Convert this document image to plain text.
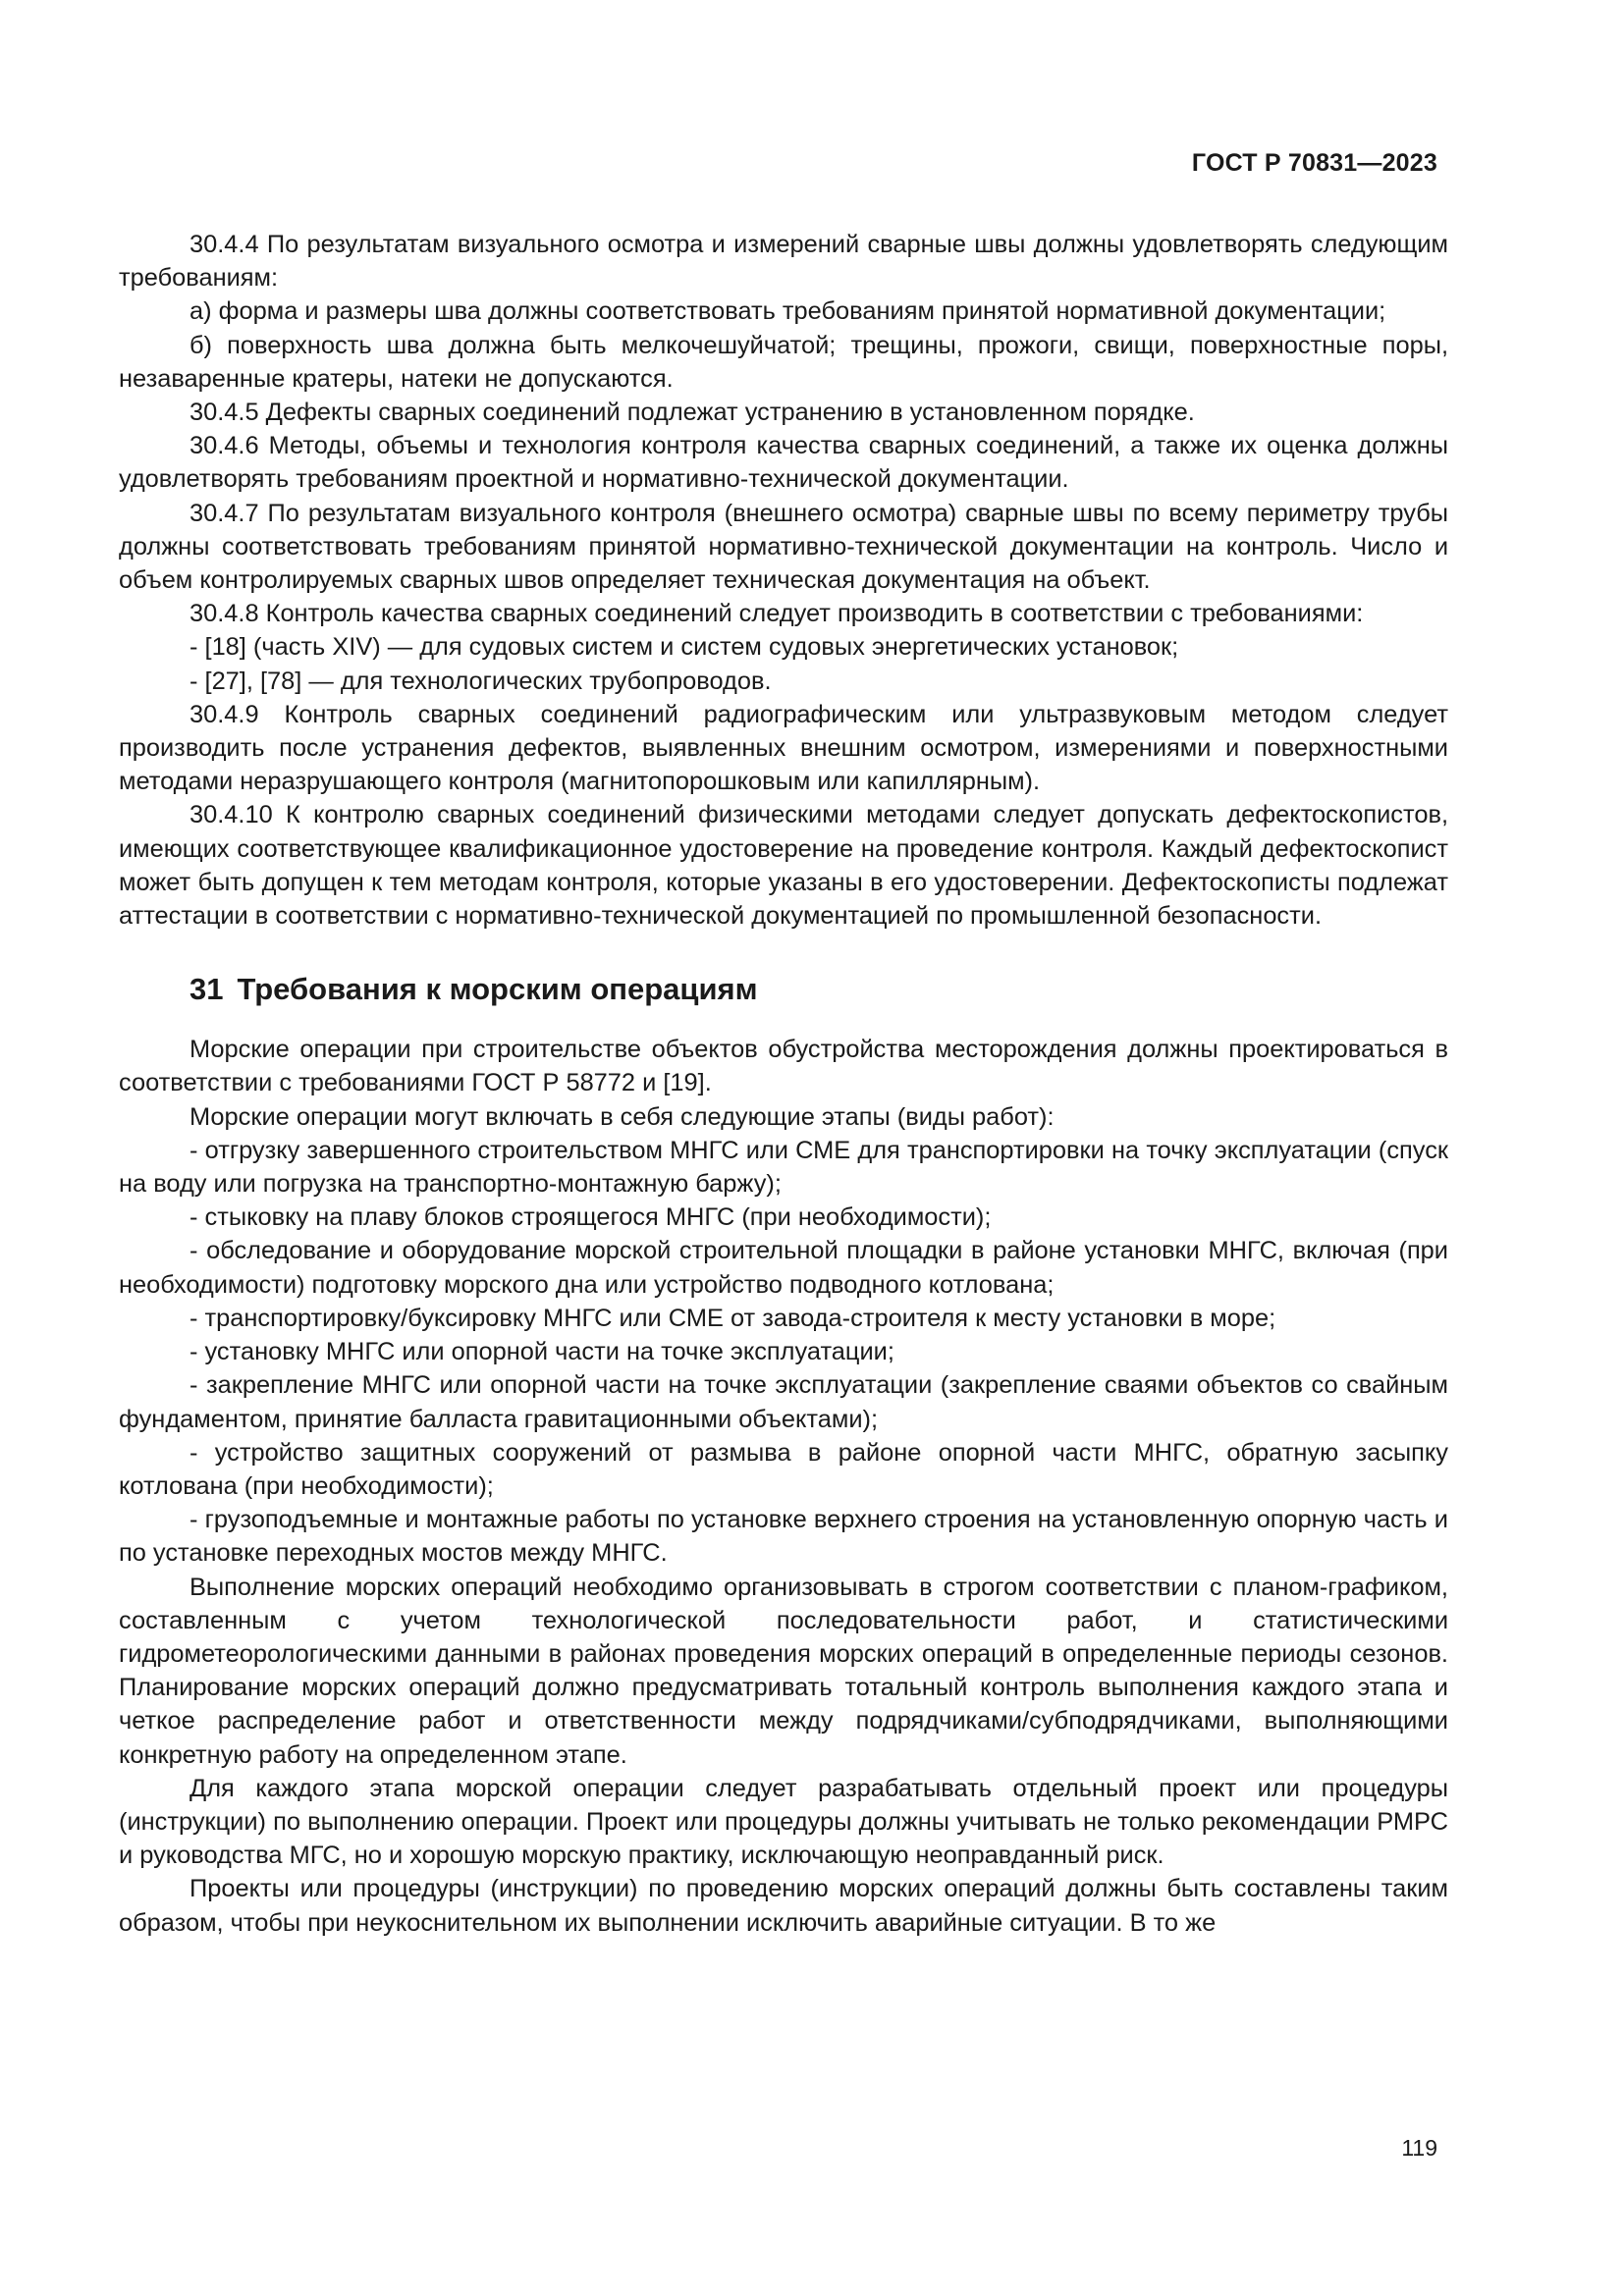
ГОСТ Р 70831—2023

30.4.4 По результатам визуального осмотра и измерений сварные швы должны удовлетворять следующим требованиям:

а) форма и размеры шва должны соответствовать требованиям принятой нормативной документации;

б) поверхность шва должна быть мелкочешуйчатой; трещины, прожоги, свищи, поверхностные поры, незаваренные кратеры, натеки не допускаются.

30.4.5 Дефекты сварных соединений подлежат устранению в установленном порядке.

30.4.6 Методы, объемы и технология контроля качества сварных соединений, а также их оценка должны удовлетворять требованиям проектной и нормативно-технической документации.

30.4.7 По результатам визуального контроля (внешнего осмотра) сварные швы по всему периметру трубы должны соответствовать требованиям принятой нормативно-технической документации на контроль. Число и объем контролируемых сварных швов определяет техническая документация на объект.

30.4.8 Контроль качества сварных соединений следует производить в соответствии с требованиями:

- [18] (часть XIV) — для судовых систем и систем судовых энергетических установок;

- [27], [78] — для технологических трубопроводов.

30.4.9 Контроль сварных соединений радиографическим или ультразвуковым методом следует производить после устранения дефектов, выявленных внешним осмотром, измерениями и поверхностными методами неразрушающего контроля (магнитопорошковым или капиллярным).

30.4.10 К контролю сварных соединений физическими методами следует допускать дефектоскопистов, имеющих соответствующее квалификационное удостоверение на проведение контроля. Каждый дефектоскопист может быть допущен к тем методам контроля, которые указаны в его удостоверении. Дефектоскописты подлежат аттестации в соответствии с нормативно-технической документацией по промышленной безопасности.

31 Требования к морским операциям

Морские операции при строительстве объектов обустройства месторождения должны проектироваться в соответствии с требованиями ГОСТ Р 58772 и [19].

Морские операции могут включать в себя следующие этапы (виды работ):

- отгрузку завершенного строительством МНГС или СМЕ для транспортировки на точку эксплуатации (спуск на воду или погрузка на транспортно-монтажную баржу);

- стыковку на плаву блоков строящегося МНГС (при необходимости);

- обследование и оборудование морской строительной площадки в районе установки МНГС, включая (при необходимости) подготовку морского дна или устройство подводного котлована;

- транспортировку/буксировку МНГС или СМЕ от завода-строителя к месту установки в море;

- установку МНГС или опорной части на точке эксплуатации;

- закрепление МНГС или опорной части на точке эксплуатации (закрепление сваями объектов со свайным фундаментом, принятие балласта гравитационными объектами);

- устройство защитных сооружений от размыва в районе опорной части МНГС, обратную засыпку котлована (при необходимости);

- грузоподъемные и монтажные работы по установке верхнего строения на установленную опорную часть и по установке переходных мостов между МНГС.

Выполнение морских операций необходимо организовывать в строгом соответствии с планом-графиком, составленным с учетом технологической последовательности работ, и статистическими гидрометеорологическими данными в районах проведения морских операций в определенные периоды сезонов. Планирование морских операций должно предусматривать тотальный контроль выполнения каждого этапа и четкое распределение работ и ответственности между подрядчиками/субподрядчиками, выполняющими конкретную работу на определенном этапе.

Для каждого этапа морской операции следует разрабатывать отдельный проект или процедуры (инструкции) по выполнению операции. Проект или процедуры должны учитывать не только рекомендации РМРС и руководства МГС, но и хорошую морскую практику, исключающую неоправданный риск.

Проекты или процедуры (инструкции) по проведению морских операций должны быть составлены таким образом, чтобы при неукоснительном их выполнении исключить аварийные ситуации. В то же

119
